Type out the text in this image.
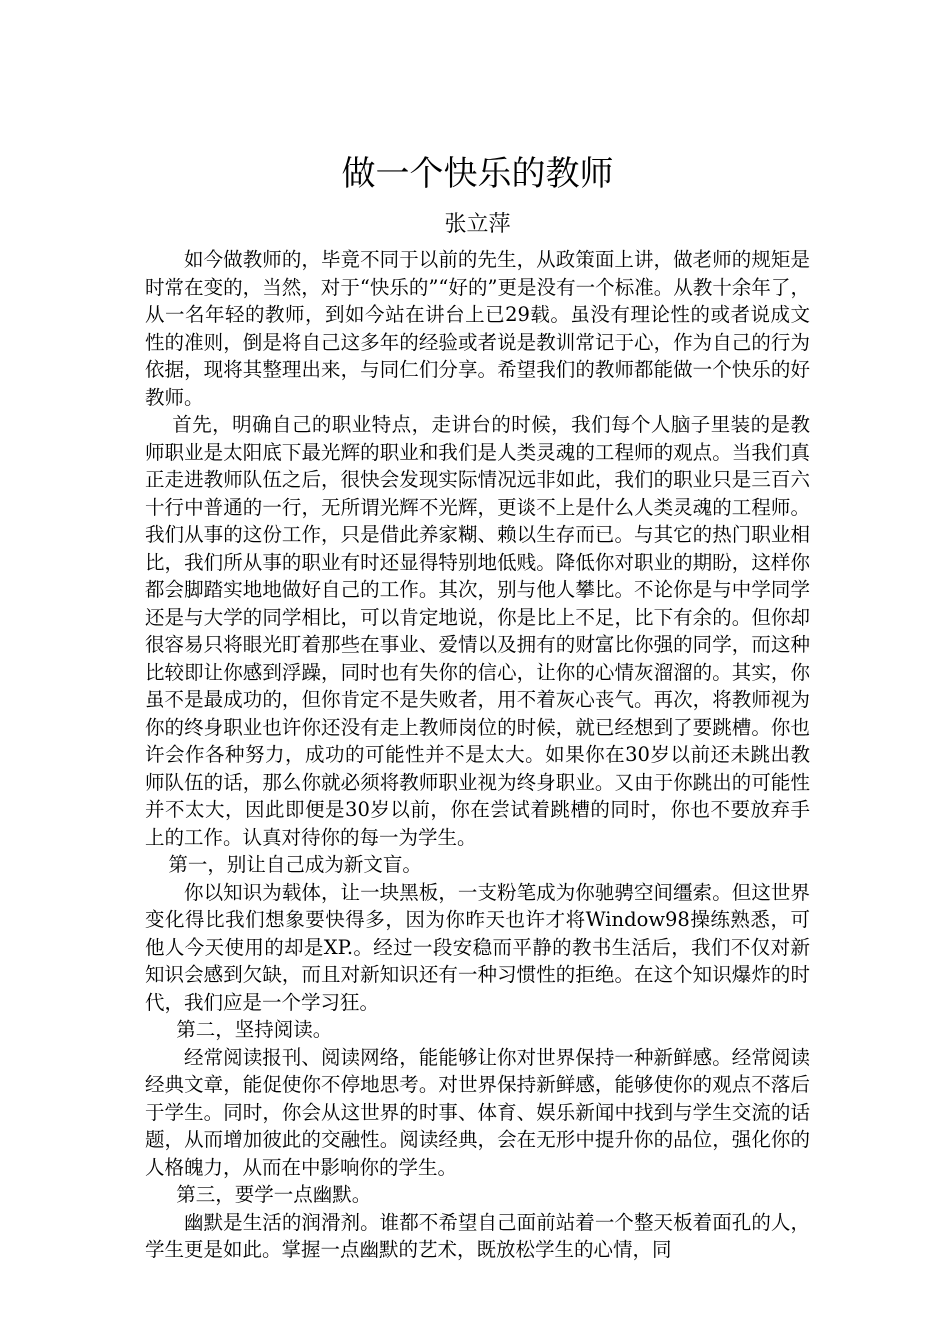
做一个快乐的教师
张立萍

如今做教师的，毕竟不同于以前的先生，从政策面上讲，做老师的规矩是时常在变的，当然，对于“快乐的”“好的”更是没有一个标准。从教十余年了，从一名年轻的教师，到如今站在讲台上已29载。虽没有理论性的或者说成文性的准则，倒是将自己这多年的经验或者说是教训常记于心，作为自己的行为依据，现将其整理出来，与同仁们分享。希望我们的教师都能做一个快乐的好教师。

首先，明确自己的职业特点，走讲台的时候，我们每个人脑子里装的是教师职业是太阳底下最光辉的职业和我们是人类灵魂的工程师的观点。当我们真正走进教师队伍之后，很快会发现实际情况远非如此，我们的职业只是三百六十行中普通的一行，无所谓光辉不光辉，更谈不上是什么人类灵魂的工程师。我们从事的这份工作，只是借此养家糊、赖以生存而已。与其它的热门职业相比，我们所从事的职业有时还显得特别地低贱。降低你对职业的期盼，这样你都会脚踏实地地做好自己的工作。其次，别与他人攀比。不论你是与中学同学还是与大学的同学相比，可以肯定地说，你是比上不足，比下有余的。但你却很容易只将眼光盯着那些在事业、爱情以及拥有的财富比你强的同学，而这种比较即让你感到浮躁，同时也有失你的信心，让你的心情灰溜溜的。其实，你虽不是最成功的，但你肯定不是失败者，用不着灰心丧气。再次，将教师视为你的终身职业也许你还没有走上教师岗位的时候，就已经想到了要跳槽。你也许会作各种努力，成功的可能性并不是太大。如果你在30岁以前还未跳出教师队伍的话，那么你就必须将教师职业视为终身职业。又由于你跳出的可能性并不太大，因此即便是30岁以前，你在尝试着跳槽的同时，你也不要放弃手上的工作。认真对待你的每一为学生。

第一，别让自己成为新文盲。

你以知识为载体，让一块黑板，一支粉笔成为你驰骋空间缰索。但这世界变化得比我们想象要快得多，因为你昨天也许才将Window98操练熟悉，可他人今天使用的却是XP.。经过一段安稳而平静的教书生活后，我们不仅对新知识会感到欠缺，而且对新知识还有一种习惯性的拒绝。在这个知识爆炸的时代，我们应是一个学习狂。

第二，坚持阅读。

经常阅读报刊、阅读网络，能能够让你对世界保持一种新鲜感。经常阅读经典文章，能促使你不停地思考。对世界保持新鲜感，能够使你的观点不落后于学生。同时，你会从这世界的时事、体育、娱乐新闻中找到与学生交流的话题，从而增加彼此的交融性。阅读经典，会在无形中提升你的品位，强化你的人格魄力，从而在中影响你的学生。

第三，要学一点幽默。

幽默是生活的润滑剂。谁都不希望自己面前站着一个整天板着面孔的人，学生更是如此。掌握一点幽默的艺术，既放松学生的心情，同
